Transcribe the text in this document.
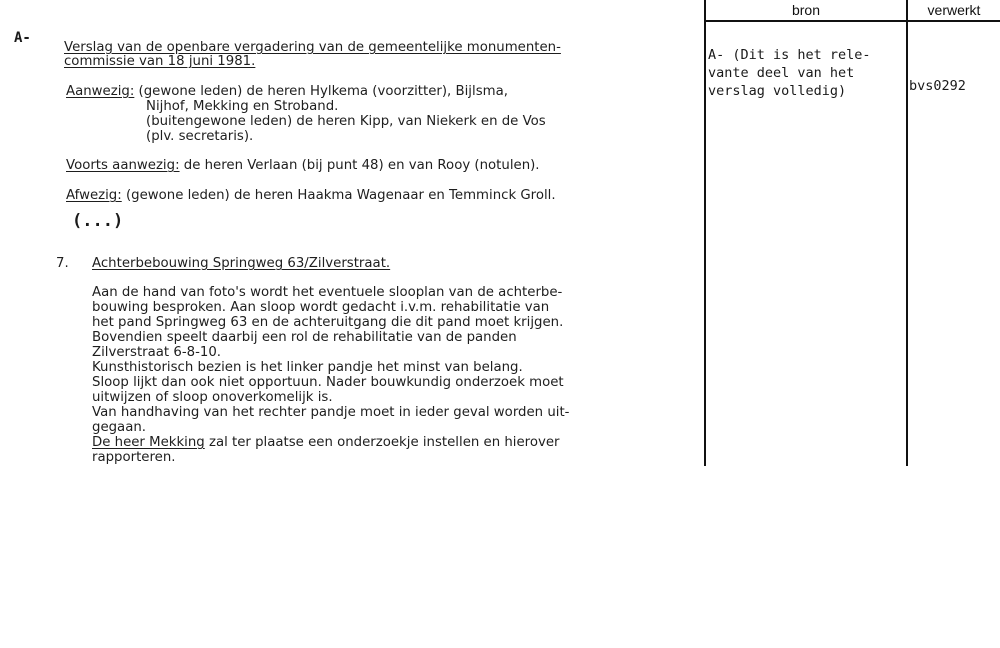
bron	verwerkt
A- (Dit is het rele-
vante deel van het
verslag volledig)	bvs0292
A-
Verslag van de openbare vergadering van de gemeentelijke monumenten-
commissie van 18 juni 1981.
Aanwezig: (gewone leden) de heren Hylkema (voorzitter), Bijlsma,
Nijhof, Mekking en Stroband.
(buitengewone leden) de heren Kipp, van Niekerk en de Vos
(plv. secretaris).
Voorts aanwezig: de heren Verlaan (bij punt 48) en van Rooy (notulen).
Afwezig: (gewone leden) de heren Haakma Wagenaar en Temminck Groll.
(...)
7. Achterbebouwing Springweg 63/Zilverstraat.
Aan de hand van foto's wordt het eventuele slooplan van de achterbe-
bouwing besproken. Aan sloop wordt gedacht i.v.m. rehabilitatie van
het pand Springweg 63 en de achteruitgang die dit pand moet krijgen.
Bovendien speelt daarbij een rol de rehabilitatie van de panden
Zilverstraat 6-8-10.
Kunsthistorisch bezien is het linker pandje het minst van belang.
Sloop lijkt dan ook niet opportuun. Nader bouwkundig onderzoek moet
uitwijzen of sloop onoverkomelijk is.
Van handhaving van het rechter pandje moet in ieder geval worden uit-
gegaan.
De heer Mekking zal ter plaatse een onderzoekje instellen en hierover
rapporteren.
